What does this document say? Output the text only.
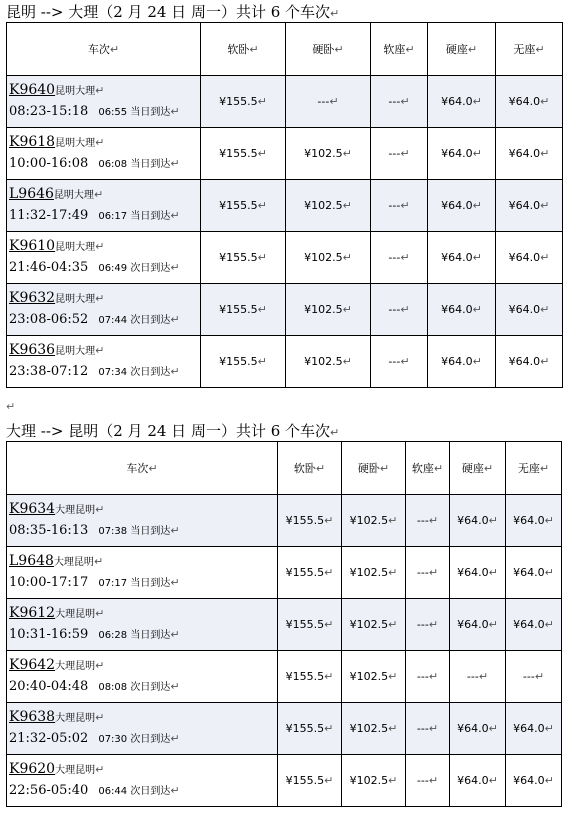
昆明 --> 大理（2 月 24 日 周一）共计 6 个车次↵
车次↵	软卧↵	硬卧↵	软座↵	硬座↵	无座↵

K9640昆明大理↵
08:23-15:18 06:55 当日到达↵	¥155.5↵	---↵	---↵	¥64.0↵	¥64.0↵

K9618昆明大理↵
10:00-16:08 06:08 当日到达↵	¥155.5↵	¥102.5↵	---↵	¥64.0↵	¥64.0↵

L9646昆明大理↵
11:32-17:49 06:17 当日到达↵	¥155.5↵	¥102.5↵	---↵	¥64.0↵	¥64.0↵

K9610昆明大理↵
21:46-04:35 06:49 次日到达↵	¥155.5↵	¥102.5↵	---↵	¥64.0↵	¥64.0↵

K9632昆明大理↵
23:08-06:52 07:44 次日到达↵	¥155.5↵	¥102.5↵	---↵	¥64.0↵	¥64.0↵

K9636昆明大理↵
23:38-07:12 07:34 次日到达↵	¥155.5↵	¥102.5↵	---↵	¥64.0↵	¥64.0↵
↵
大理 --> 昆明（2 月 24 日 周一）共计 6 个车次↵
车次↵	软卧↵	硬卧↵	软座↵	硬座↵	无座↵

K9634大理昆明↵
08:35-16:13 07:38 当日到达↵	¥155.5↵	¥102.5↵	---↵	¥64.0↵	¥64.0↵

L9648大理昆明↵
10:00-17:17 07:17 当日到达↵	¥155.5↵	¥102.5↵	---↵	¥64.0↵	¥64.0↵

K9612大理昆明↵
10:31-16:59 06:28 当日到达↵	¥155.5↵	¥102.5↵	---↵	¥64.0↵	¥64.0↵

K9642大理昆明↵
20:40-04:48 08:08 次日到达↵	¥155.5↵	¥102.5↵	---↵	---↵	---↵

K9638大理昆明↵
21:32-05:02 07:30 次日到达↵	¥155.5↵	¥102.5↵	---↵	¥64.0↵	¥64.0↵

K9620大理昆明↵
22:56-05:40 06:44 次日到达↵	¥155.5↵	¥102.5↵	---↵	¥64.0↵	¥64.0↵
